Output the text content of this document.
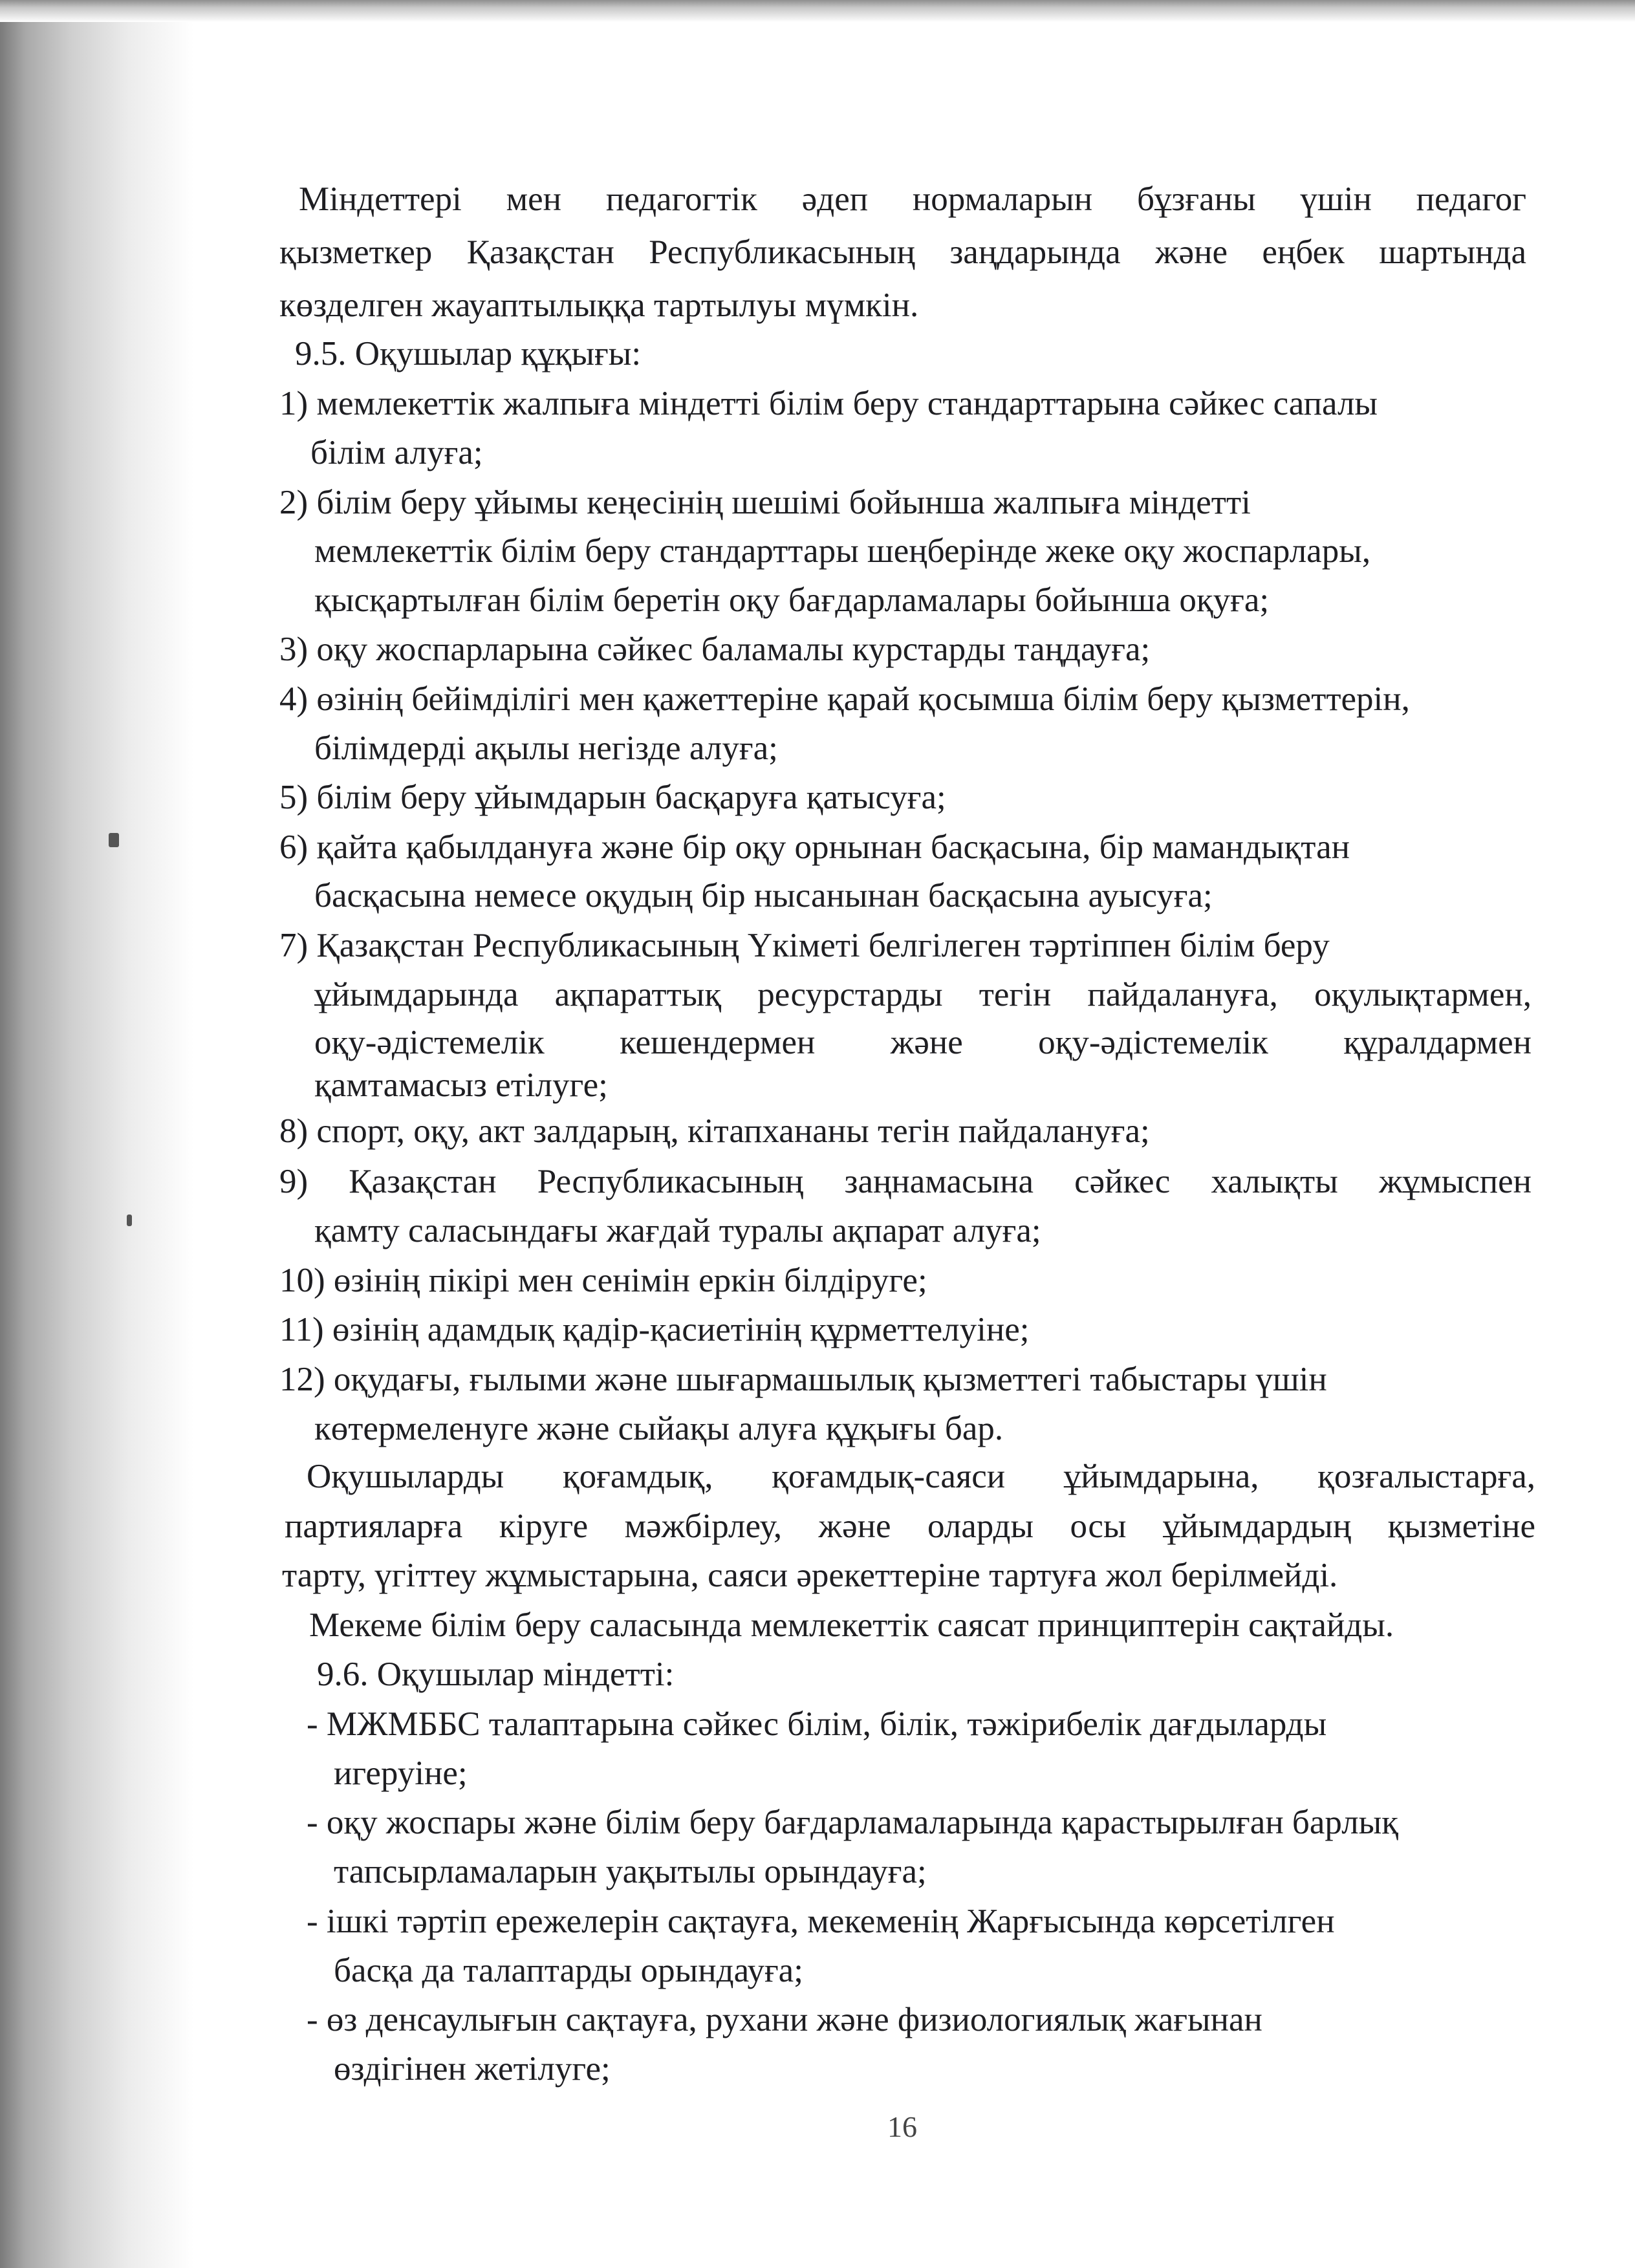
Міндеттері мен педагогтік әдеп нормаларын бұзғаны үшін педагог

қызметкер Қазақстан Республикасының заңдарында және еңбек шартында

көзделген жауаптылыққа тартылуы мүмкін.

9.5. Оқушылар құқығы:

1) мемлекеттік жалпыға міндетті білім беру стандарттарына сәйкес сапалы

білім алуға;

2) білім беру ұйымы кеңесінің шешімі бойынша жалпыға міндетті

мемлекеттік білім беру стандарттары шеңберінде жеке оқу жоспарлары,

қысқартылған білім беретін оқу бағдарламалары бойынша оқуға;

3) оқу жоспарларына сәйкес баламалы курстарды таңдауға;

4) өзінің бейімділігі мен қажеттеріне қарай қосымша білім беру қызметтерін,

білімдерді ақылы негізде алуға;

5) білім беру ұйымдарын басқаруға қатысуға;

6) қайта қабылдануға және бір оқу орнынан басқасына, бір мамандықтан

басқасына немесе оқудың бір нысанынан басқасына ауысуға;

7) Қазақстан Республикасының Үкіметі белгілеген тәртіппен білім беру

ұйымдарында ақпараттық ресурстарды тегін пайдалануға, оқулықтармен,

оқу-әдістемелік кешендермен және оқу-әдістемелік құралдармен

қамтамасыз етілуге;

8) спорт, оқу, акт залдарың, кітапхананы тегін пайдалануға;

9) Қазақстан Республикасының заңнамасына сәйкес халықты жұмыспен

қамту саласындағы жағдай туралы ақпарат алуға;

10) өзінің пікірі мен сенімін еркін білдіруге;

11) өзінің адамдық қадір-қасиетінің құрметтелуіне;

12) оқудағы, ғылыми және шығармашылық қызметтегі табыстары үшін

көтермеленуге және сыйақы алуға құқығы бар.

Оқушыларды қоғамдық, қоғамдық-саяси ұйымдарына, қозғалыстарға,

партияларға кіруге мәжбірлеу, және оларды осы ұйымдардың қызметіне

тарту, үгіттеу жұмыстарына, саяси әрекеттеріне тартуға жол берілмейді.

Мекеме білім беру саласында мемлекеттік саясат принциптерін сақтайды.

9.6. Оқушылар міндетті:

- МЖМББС талаптарына сәйкес білім, білік, тәжірибелік дағдыларды

игеруіне;

- оқу жоспары және білім беру бағдарламаларында қарастырылған барлық

тапсырламаларын уақытылы орындауға;

- ішкі тәртіп ережелерін сақтауға, мекеменің Жарғысында көрсетілген

басқа да талаптарды орындауға;

- өз денсаулығын сақтауға, рухани және физиологиялық жағынан

өздігінен жетілуге;

16
